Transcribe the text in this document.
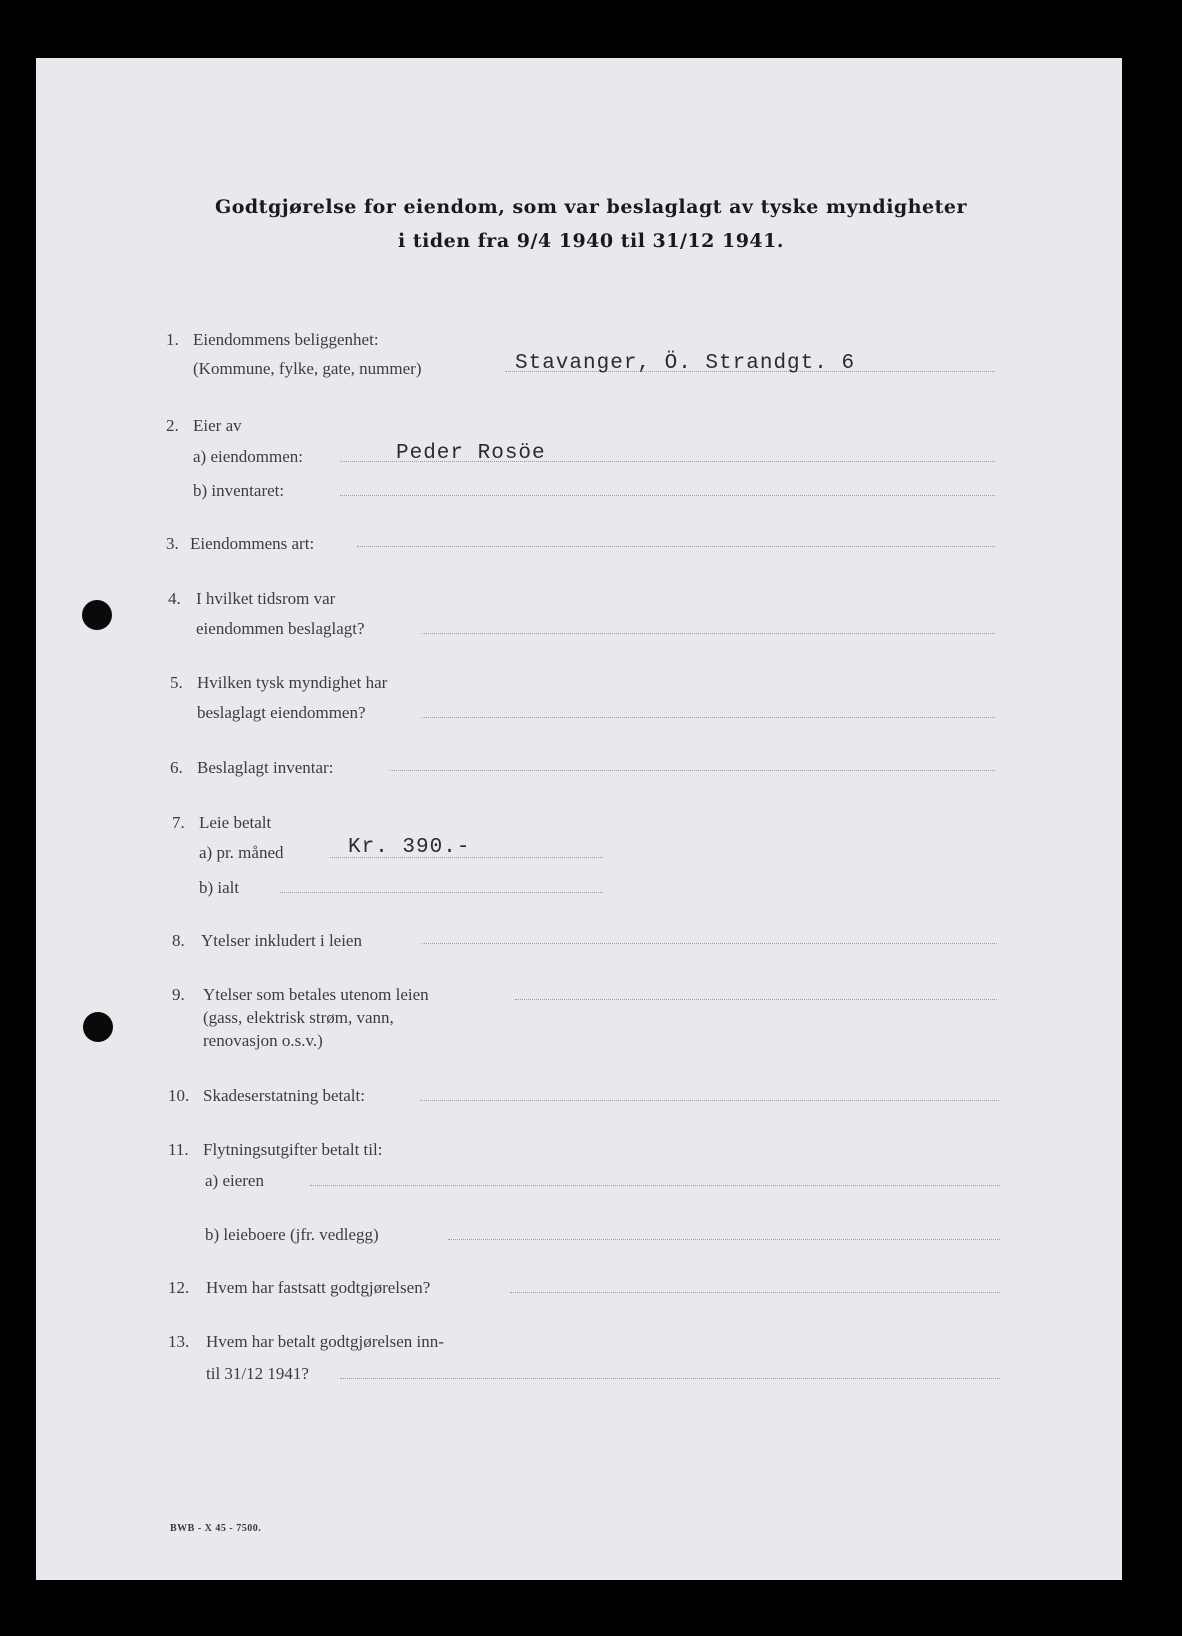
Godtgjørelse for eiendom, som var beslaglagt av tyske myndigheter
i tiden fra 9/4 1940 til 31/12 1941.
1. Eiendommens beliggenhet:
(Kommune, fylke, gate, nummer)	Stavanger, Ö. Strandgt. 6
2. Eier av
a) eiendommen:	Peder Rosöe
b) inventaret:
3. Eiendommens art:
4. I hvilket tidsrom var
eiendommen beslaglagt?
5. Hvilken tysk myndighet har
beslaglagt eiendommen?
6. Beslaglagt inventar:
7. Leie betalt
a) pr. måned	Kr. 390.-
b) ialt
8. Ytelser inkludert i leien
9. Ytelser som betales utenom leien
(gass, elektrisk strøm, vann,
renovasjon o.s.v.)
10. Skadeserstatning betalt:
11. Flytningsutgifter betalt til:
a) eieren
b) leieboere (jfr. vedlegg)
12. Hvem har fastsatt godtgjørelsen?
13. Hvem har betalt godtgjørelsen inn-
til 31/12 1941?
BWB - X 45 - 7500.
